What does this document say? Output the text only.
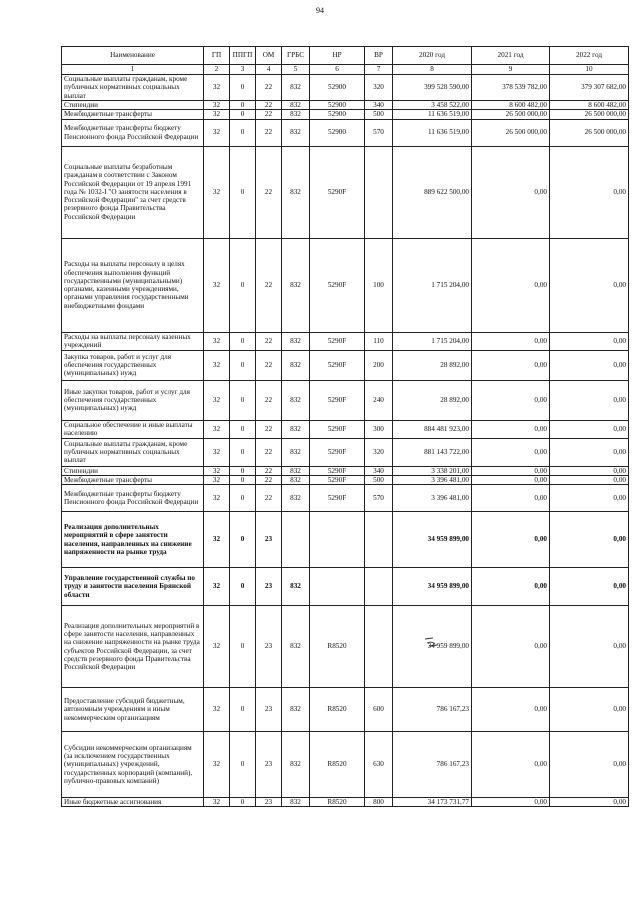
94
Наименование	ГП	ППГП	ОМ	ГРБС	НР	ВР	2020 год	2021 год	2022 год
1	2	3	4	5	6	7	8	9	10
Социальные выплаты гражданам, кроме публичных нормативных социальных выплат	32	0	22	832	52900	320	399 528 590,00	378 539 782,00	379 307 682,00
Стипендии	32	0	22	832	52900	340	3 458 522,00	8 600 482,00	8 600 482,00
Межбюджетные трансферты	32	0	22	832	52900	500	11 636 519,00	26 500 000,00	26 500 000,00
Межбюджетные трансферты бюджету Пенсионного фонда Российской Федерации	32	0	22	832	52900	570	11 636 519,00	26 500 000,00	26 500 000,00
Социальные выплаты безработным гражданам в соответствии с Законом Российской Федерации от 19 апреля 1991 года № 1032-I "О занятости населения в Российской Федерации" за счет средств резервного фонда Правительства Российской Федерации	32	0	22	832	5290F		889 622 500,00	0,00	0,00
Расходы на выплаты персоналу в целях обеспечения выполнения функций государственными (муниципальными) органами, казенными учреждениями, органами управления государственными внебюджетными фондами	32	0	22	832	5290F	100	1 715 204,00	0,00	0,00
Расходы на выплаты персоналу казенных учреждений	32	0	22	832	5290F	110	1 715 204,00	0,00	0,00
Закупка товаров, работ и услуг для обеспечения государственных (муниципальных) нужд	32	0	22	832	5290F	200	28 892,00	0,00	0,00
Иные закупки товаров, работ и услуг для обеспечения государственных (муниципальных) нужд	32	0	22	832	5290F	240	28 892,00	0,00	0,00
Социальное обеспечение и иные выплаты населению	32	0	22	832	5290F	300	884 481 923,00	0,00	0,00
Социальные выплаты гражданам, кроме публичных нормативных социальных выплат	32	0	22	832	5290F	320	881 143 722,00	0,00	0,00
Стипендии	32	0	22	832	5290F	340	3 338 201,00	0,00	0,00
Межбюджетные трансферты	32	0	22	832	5290F	500	3 396 481,00	0,00	0,00
Межбюджетные трансферты бюджету Пенсионного фонда Российской Федерации	32	0	22	832	5290F	570	3 396 481,00	0,00	0,00
Реализация дополнительных мероприятий в сфере занятости населения, направленных на снижение напряженности на рынке труда	32	0	23				34 959 899,00	0,00	0,00
Управление государственной службы по труду и занятости населения Брянской области	32	0	23	832			34 959 899,00	0,00	0,00
Реализация дополнительных мероприятий в сфере занятости населения, направленных на снижение напряженности на рынке труда субъектов Российской Федерации, за счет средств резервного фонда Правительства Российской Федерации	32	0	23	832	R8520		34 959 899,00	0,00	0,00
Предоставление субсидий бюджетным, автономным учреждениям и иным некоммерческим организациям	32	0	23	832	R8520	600	786 167,23	0,00	0,00
Субсидии некоммерческим организациям (за исключением государственных (муниципальных) учреждений, государственных корпораций (компаний), публично-правовых компаний)	32	0	23	832	R8520	630	786 167,23	0,00	0,00
Иные бюджетные ассигнования	32	0	23	832	R8520	800	34 173 731,77	0,00	0,00
